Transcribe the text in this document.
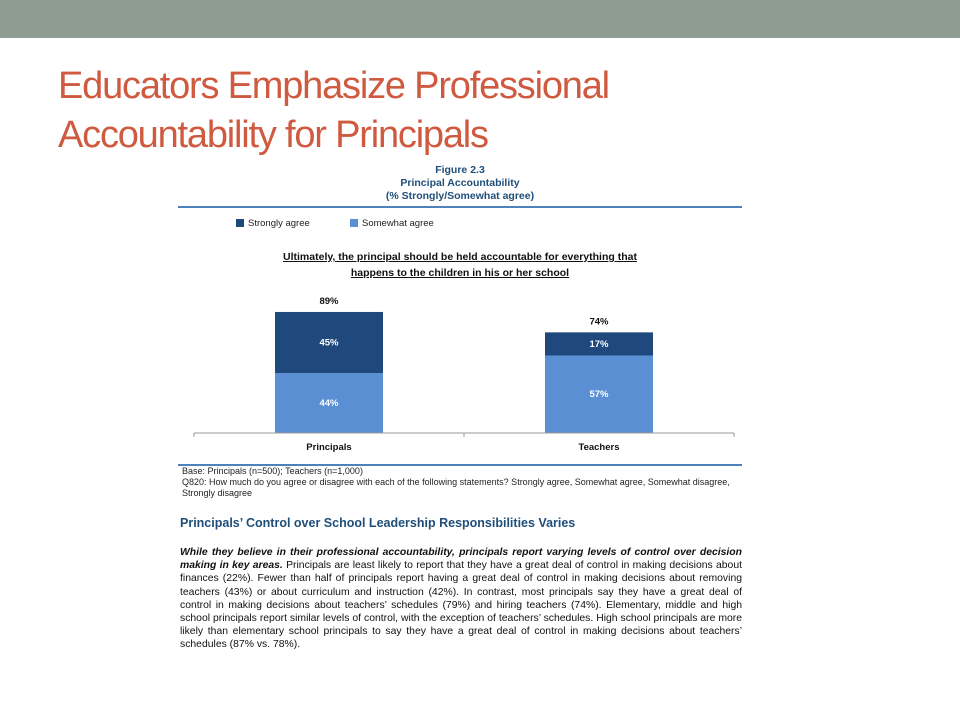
Educators Emphasize Professional
Accountability for Principals
Figure 2.3
Principal Accountability
(% Strongly/Somewhat agree)
Strongly agree	Somewhat agree
Ultimately, the principal should be held accountable for everything that
happens to the children in his or her school
44%
45%
89%
Principals
57%
17%
74%
Teachers
Base: Principals (n=500); Teachers (n=1,000)
Q820: How much do you agree or disagree with each of the following statements? Strongly agree, Somewhat agree, Somewhat disagree, Strongly disagree
Principals’ Control over School Leadership Responsibilities Varies
While they believe in their professional accountability, principals report varying levels of control over decision making in key areas. Principals are least likely to report that they have a great deal of control in making decisions about finances (22%). Fewer than half of principals report having a great deal of control in making decisions about removing teachers (43%) or about curriculum and instruction (42%). In contrast, most principals say they have a great deal of control in making decisions about teachers’ schedules (79%) and hiring teachers (74%). Elementary, middle and high school principals report similar levels of control, with the exception of teachers’ schedules. High school principals are more likely than elementary school principals to say they have a great deal of control in making decisions about teachers’ schedules (87% vs. 78%).
